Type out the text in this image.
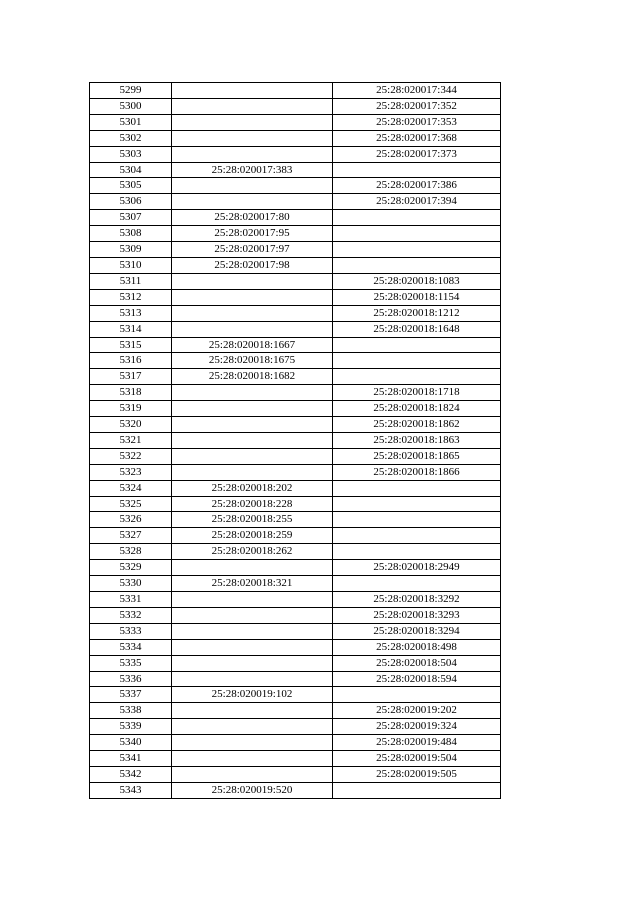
5299		25:28:020017:344
5300		25:28:020017:352
5301		25:28:020017:353
5302		25:28:020017:368
5303		25:28:020017:373
5304	25:28:020017:383	
5305		25:28:020017:386
5306		25:28:020017:394
5307	25:28:020017:80	
5308	25:28:020017:95	
5309	25:28:020017:97	
5310	25:28:020017:98	
5311		25:28:020018:1083
5312		25:28:020018:1154
5313		25:28:020018:1212
5314		25:28:020018:1648
5315	25:28:020018:1667	
5316	25:28:020018:1675	
5317	25:28:020018:1682	
5318		25:28:020018:1718
5319		25:28:020018:1824
5320		25:28:020018:1862
5321		25:28:020018:1863
5322		25:28:020018:1865
5323		25:28:020018:1866
5324	25:28:020018:202	
5325	25:28:020018:228	
5326	25:28:020018:255	
5327	25:28:020018:259	
5328	25:28:020018:262	
5329		25:28:020018:2949
5330	25:28:020018:321	
5331		25:28:020018:3292
5332		25:28:020018:3293
5333		25:28:020018:3294
5334		25:28:020018:498
5335		25:28:020018:504
5336		25:28:020018:594
5337	25:28:020019:102	
5338		25:28:020019:202
5339		25:28:020019:324
5340		25:28:020019:484
5341		25:28:020019:504
5342		25:28:020019:505
5343	25:28:020019:520	
